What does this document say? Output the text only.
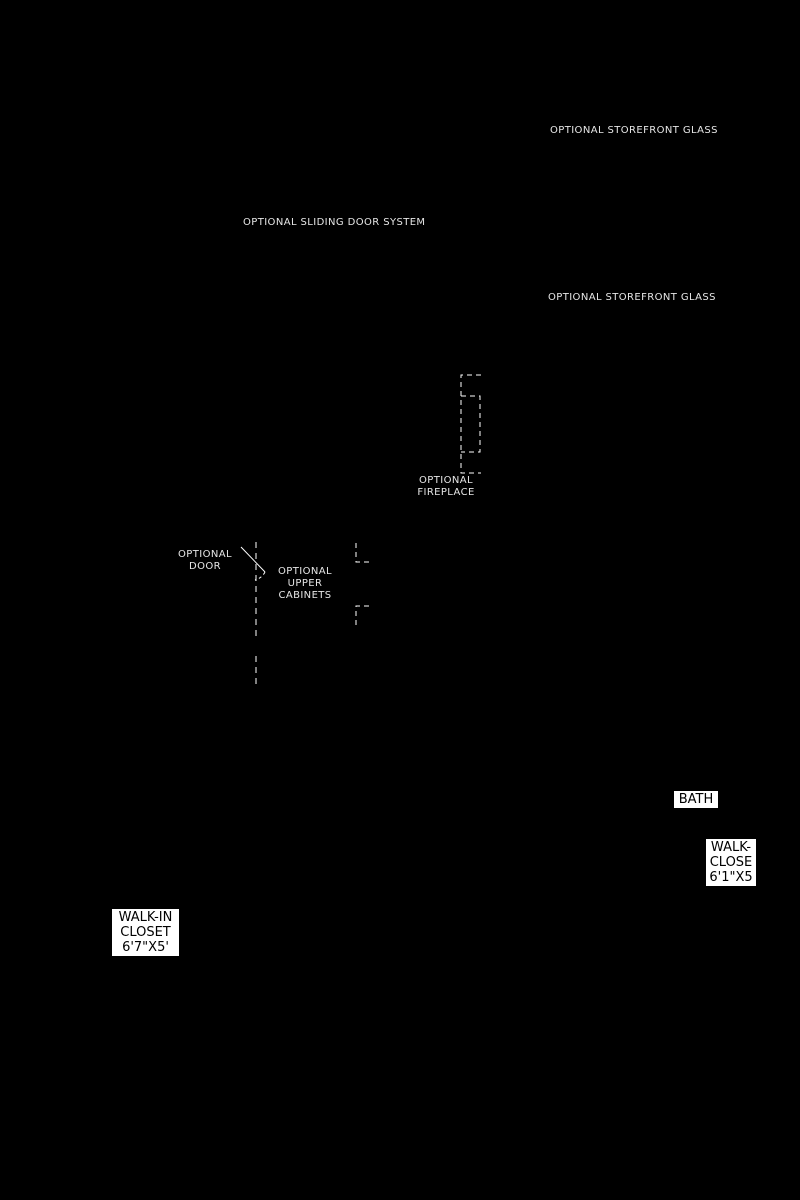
OPTIONAL STOREFRONT GLASS
OPTIONAL SLIDING DOOR SYSTEM
OPTIONAL STOREFRONT GLASS
OPTIONAL
FIREPLACE
OPTIONAL
DOOR	OPTIONAL
UPPER
CABINETS
BATH
WALK-
CLOSE
6'1"X5
WALK-IN
CLOSET
6'7"X5'
